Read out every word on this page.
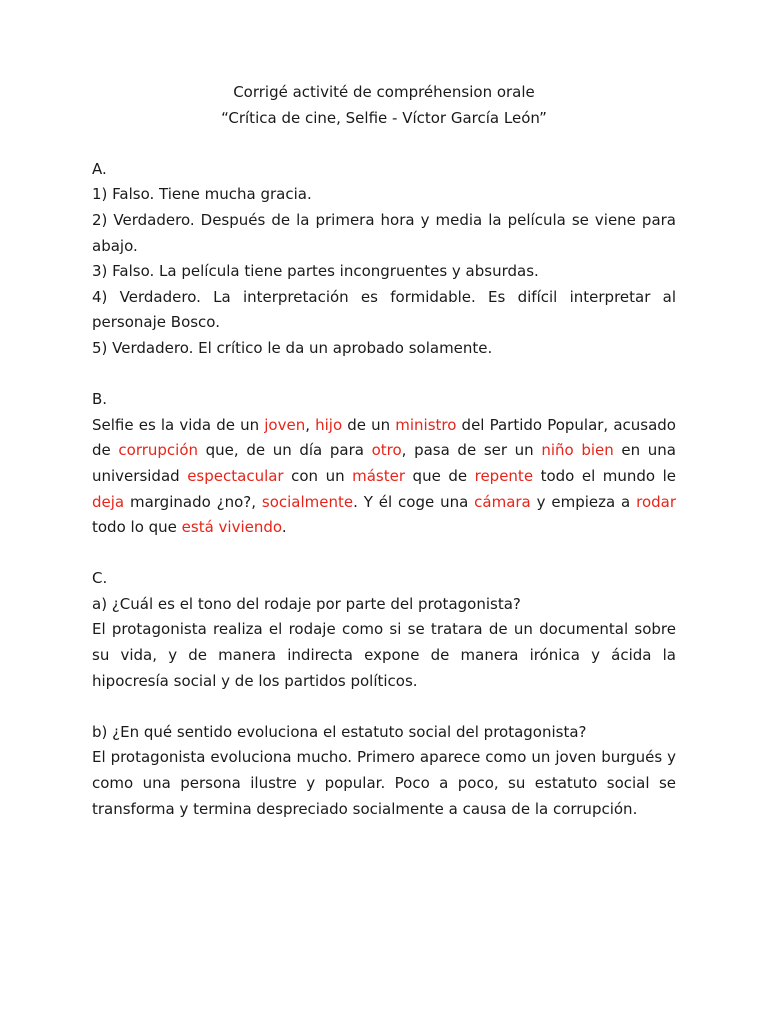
Corrigé activité de compréhension orale

“Crítica de cine, Selfie - Víctor García León”

A.

1) Falso. Tiene mucha gracia.

2) Verdadero. Después de la primera hora y media la película se viene para abajo.

3) Falso. La película tiene partes incongruentes y absurdas.

4) Verdadero. La interpretación es formidable. Es difícil interpretar al personaje Bosco.

5) Verdadero. El crítico le da un aprobado solamente.

B.

Selfie es la vida de un joven, hijo de un ministro del Partido Popular, acusado de corrupción que, de un día para otro, pasa de ser un niño bien en una universidad espectacular con un máster que de repente todo el mundo le deja marginado ¿no?, socialmente. Y él coge una cámara y empieza a rodar todo lo que está viviendo.

C.

a) ¿Cuál es el tono del rodaje por parte del protagonista?

El protagonista realiza el rodaje como si se tratara de un documental sobre su vida, y de manera indirecta expone de manera irónica y ácida la hipocresía social y de los partidos políticos.

b) ¿En qué sentido evoluciona el estatuto social del protagonista?

El protagonista evoluciona mucho. Primero aparece como un joven burgués y como una persona ilustre y popular. Poco a poco, su estatuto social se transforma y termina despreciado socialmente a causa de la corrupción.
